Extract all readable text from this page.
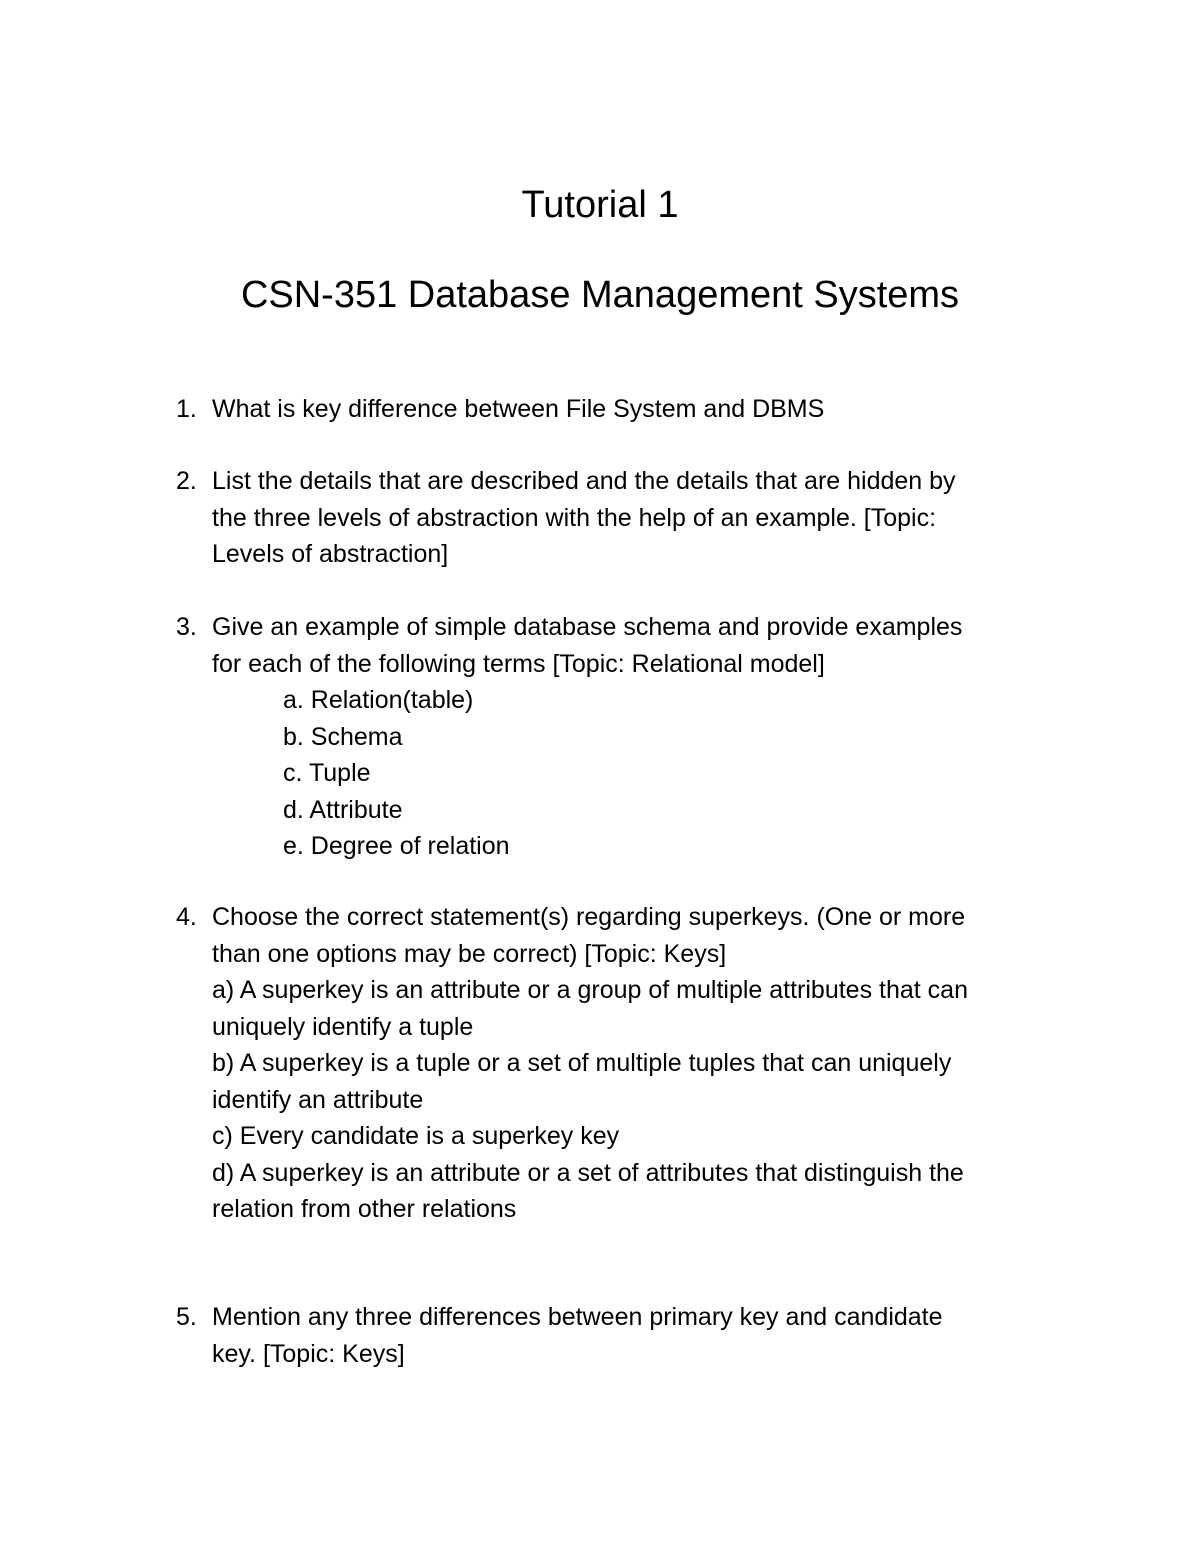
Tutorial 1
CSN-351 Database Management Systems
1. What is key difference between File System and DBMS
2. List the details that are described and the details that are hidden by
the three levels of abstraction with the help of an example. [Topic:
Levels of abstraction]
3. Give an example of simple database schema and provide examples
for each of the following terms [Topic: Relational model]
a. Relation(table)
b. Schema
c. Tuple
d. Attribute
e. Degree of relation
4. Choose the correct statement(s) regarding superkeys. (One or more
than one options may be correct) [Topic: Keys]
a) A superkey is an attribute or a group of multiple attributes that can
uniquely identify a tuple
b) A superkey is a tuple or a set of multiple tuples that can uniquely
identify an attribute
c) Every candidate is a superkey key
d) A superkey is an attribute or a set of attributes that distinguish the
relation from other relations
5. Mention any three differences between primary key and candidate
key. [Topic: Keys]
